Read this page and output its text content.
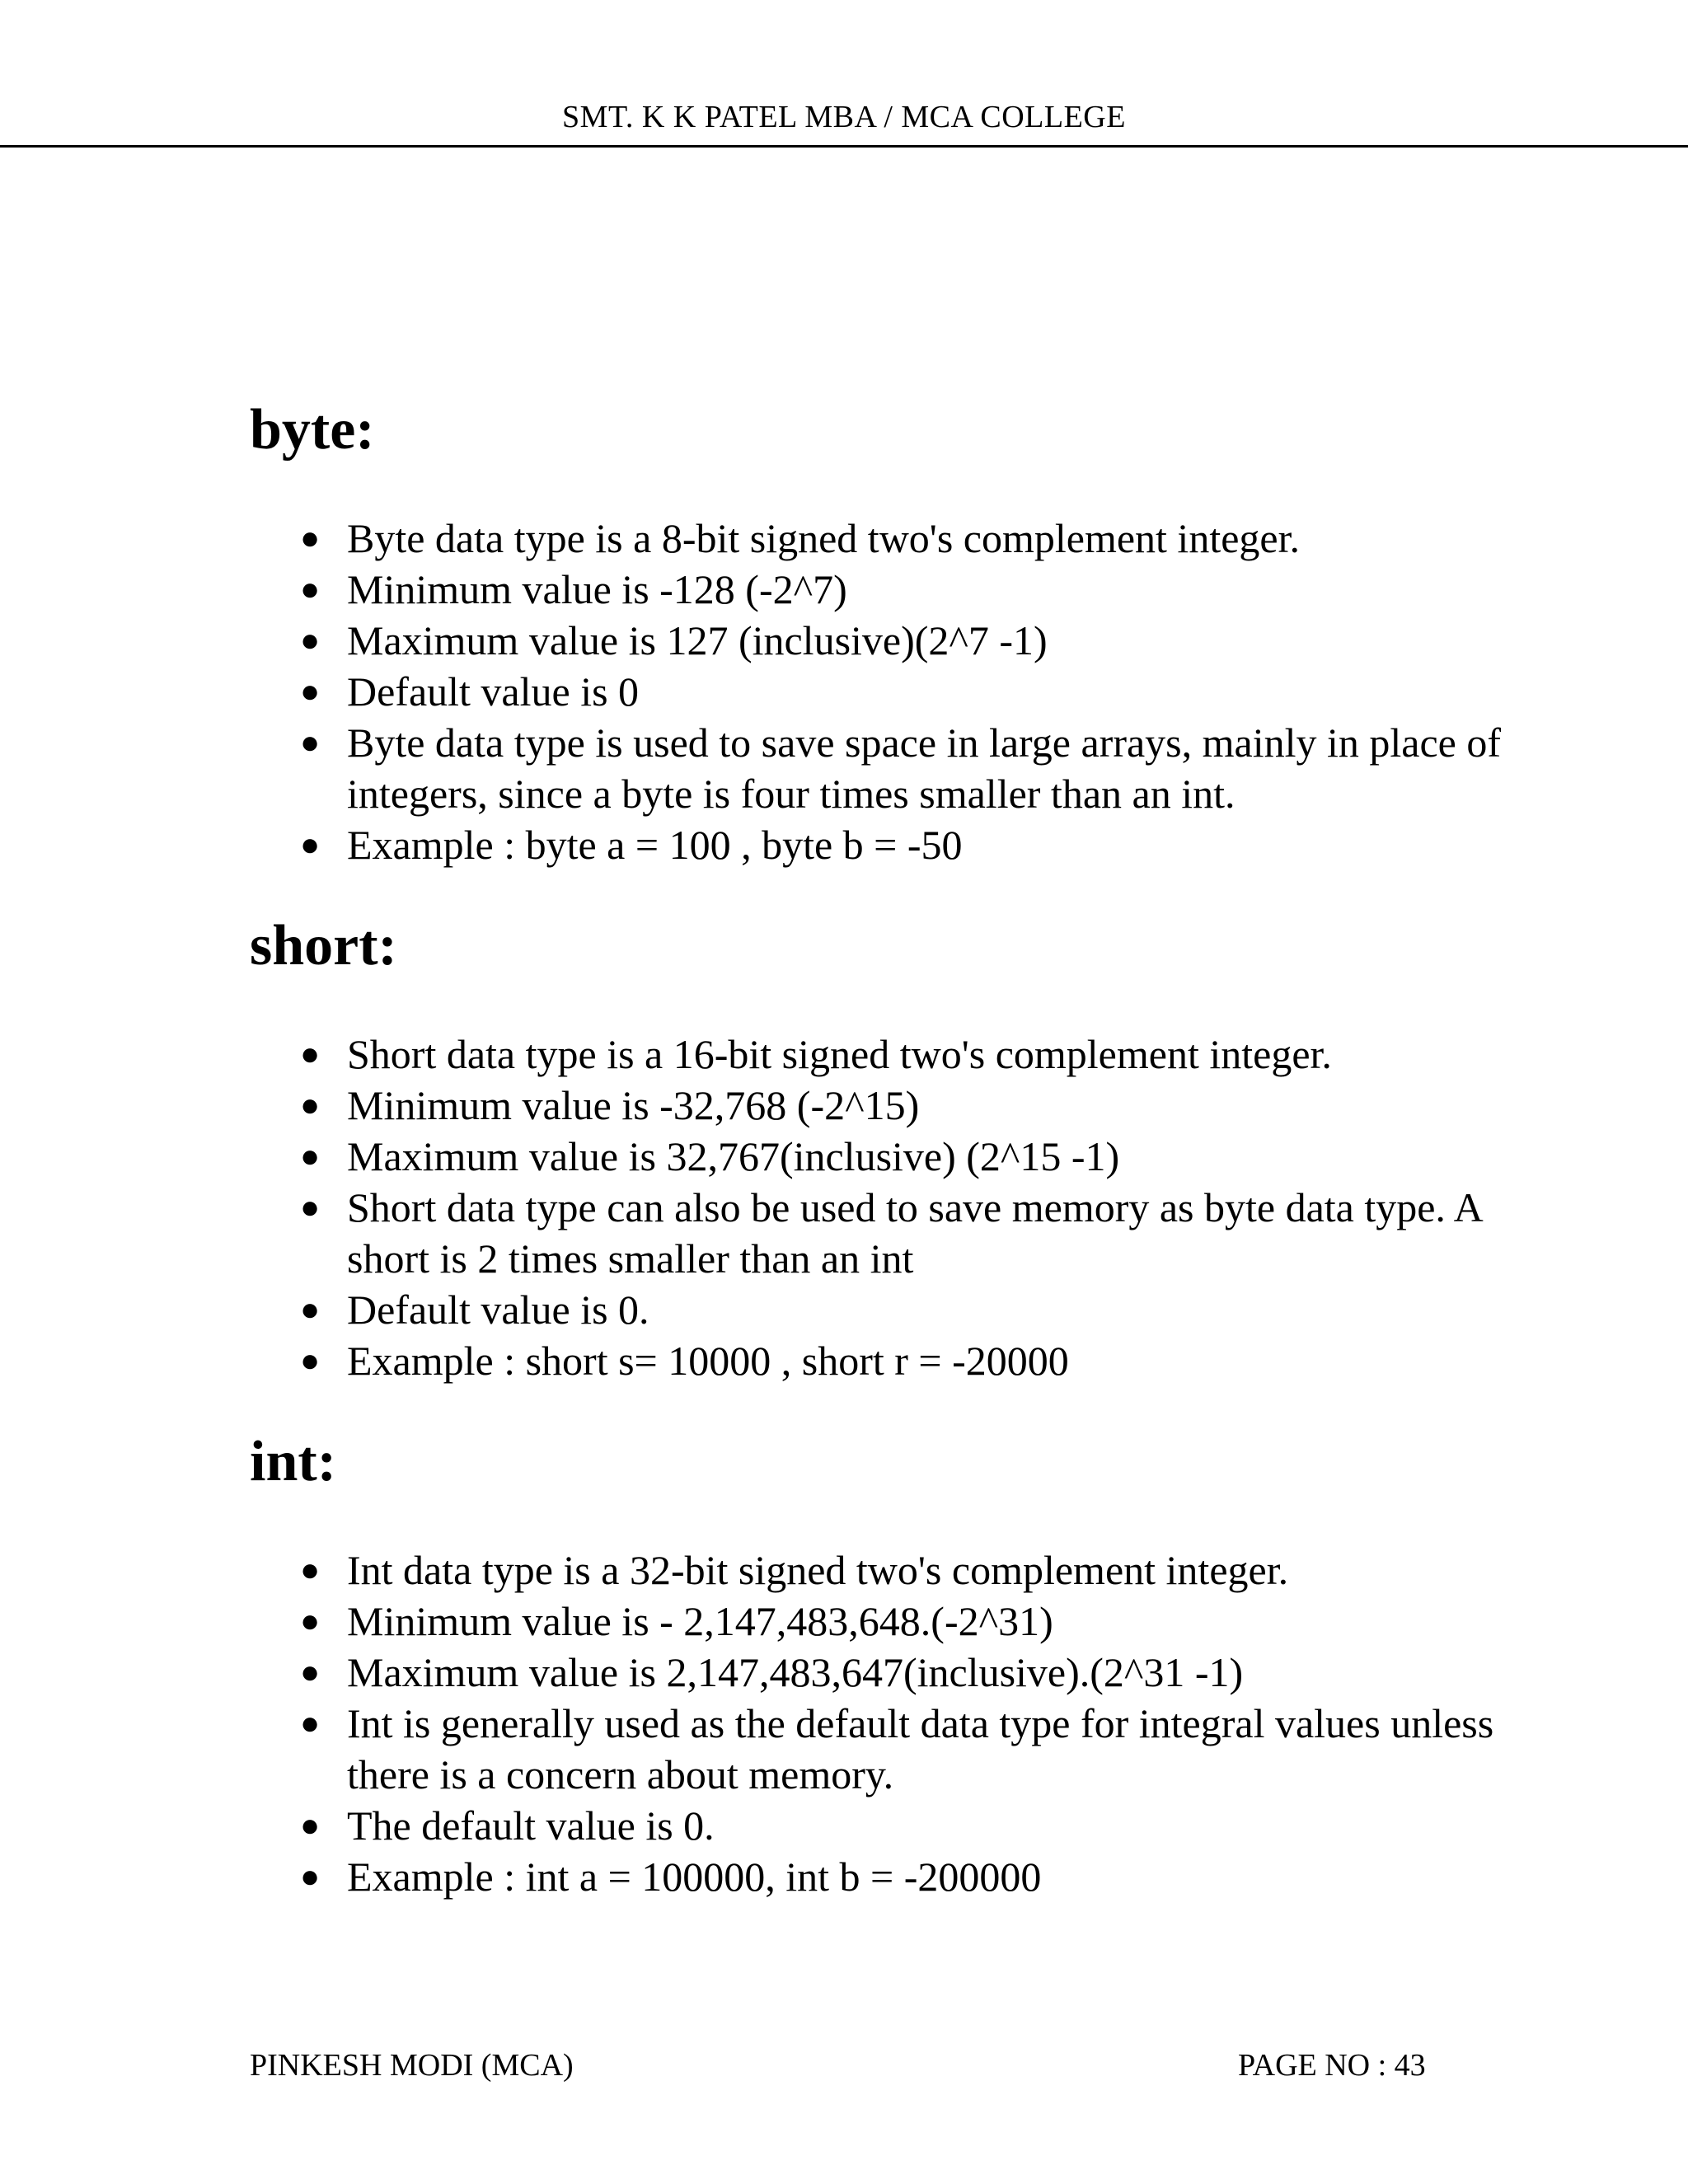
SMT. K K PATEL MBA / MCA COLLEGE
byte:
● Byte data type is a 8-bit signed two's complement integer.
● Minimum value is -128 (-2^7)
● Maximum value is 127 (inclusive)(2^7 -1)
● Default value is 0
● Byte data type is used to save space in large arrays, mainly in place of integers, since a byte is four times smaller than an int.
● Example : byte a = 100 , byte b = -50
short:
● Short data type is a 16-bit signed two's complement integer.
● Minimum value is -32,768 (-2^15)
● Maximum value is 32,767(inclusive) (2^15 -1)
● Short data type can also be used to save memory as byte data type. A short is 2 times smaller than an int
● Default value is 0.
● Example : short s= 10000 , short r = -20000
int:
● Int data type is a 32-bit signed two's complement integer.
● Minimum value is - 2,147,483,648.(-2^31)
● Maximum value is 2,147,483,647(inclusive).(2^31 -1)
● Int is generally used as the default data type for integral values unless there is a concern about memory.
● The default value is 0.
● Example : int a = 100000, int b = -200000
PINKESH MODI (MCA)	PAGE NO : 43
